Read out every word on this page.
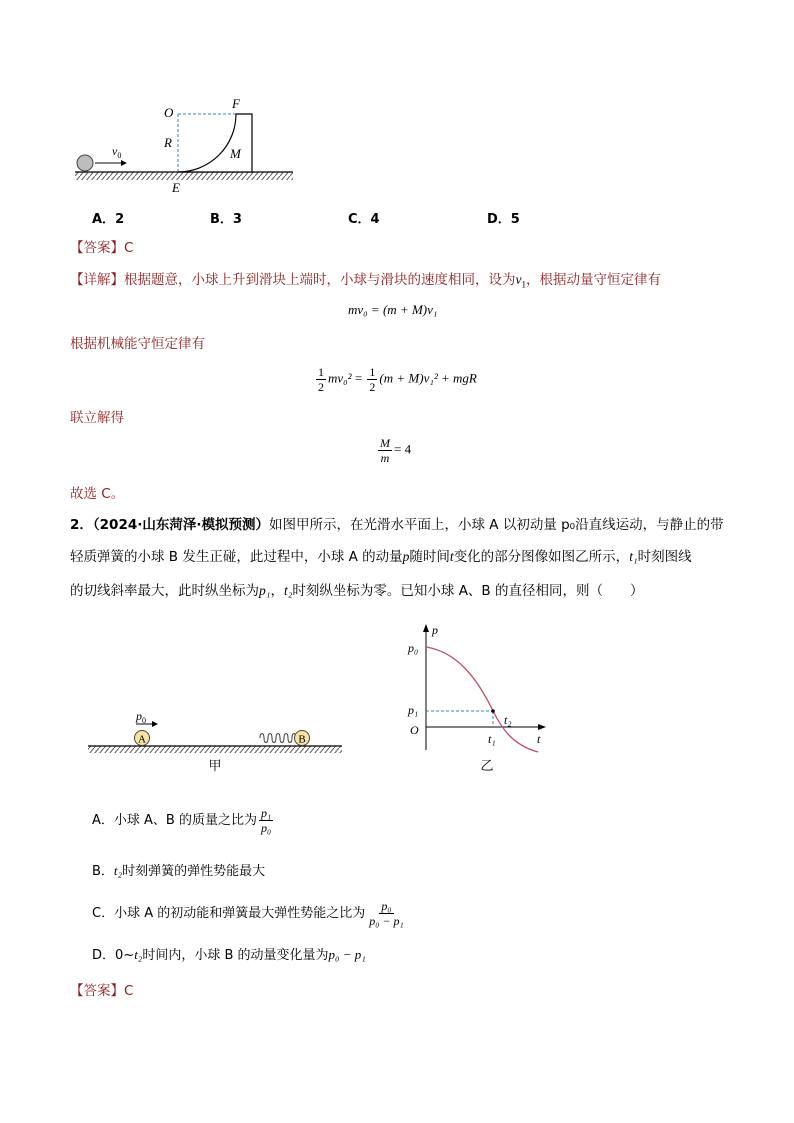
$v_0$
O
F
R
M
E
A．2	B．3	C．4	D．5
【答案】C
【详解】根据题意，小球上升到滑块上端时，小球与滑块的速度相同，设为$v_1$，根据动量守恒定律有
mv₀ = (m + M)v₁
根据机械能守恒定律有
$\frac{1}{2} mv_0^2 = \frac{1}{2} (m + M)v_1^2$ + mgR
联立解得
$\frac{M}{m} = 4$
故选 C。
2．（2024·山东菏泽·模拟预测）如图甲所示，在光滑水平面上，小球 A 以初动量 p₀沿直线运动，与静止的带
轻质弹簧的小球 B 发生正碰，此过程中，小球 A 的动量p随时间t变化的部分图像如图乙所示，t₁时刻图线
的切线斜率最大，此时纵坐标为p₁，t₂时刻纵坐标为零。已知小球 A、B 的直径相同，则（　　）
$p_0$
A	B
甲
p
t
O
p₀
p₁
t₁
t₂
乙
A．小球 A、B 的质量之比为 $\frac{\text{p₁}}{\text{p₀}}$
B．t₂时刻弹簧的弹性势能最大
C．小球 A 的初动能和弹簧最大弹性势能之比为 $\frac{\text{p₀}}{\text{p₀ − p₁}}$
D．0~t₂时间内，小球 B 的动量变化量为p₀ − p₁
【答案】C
